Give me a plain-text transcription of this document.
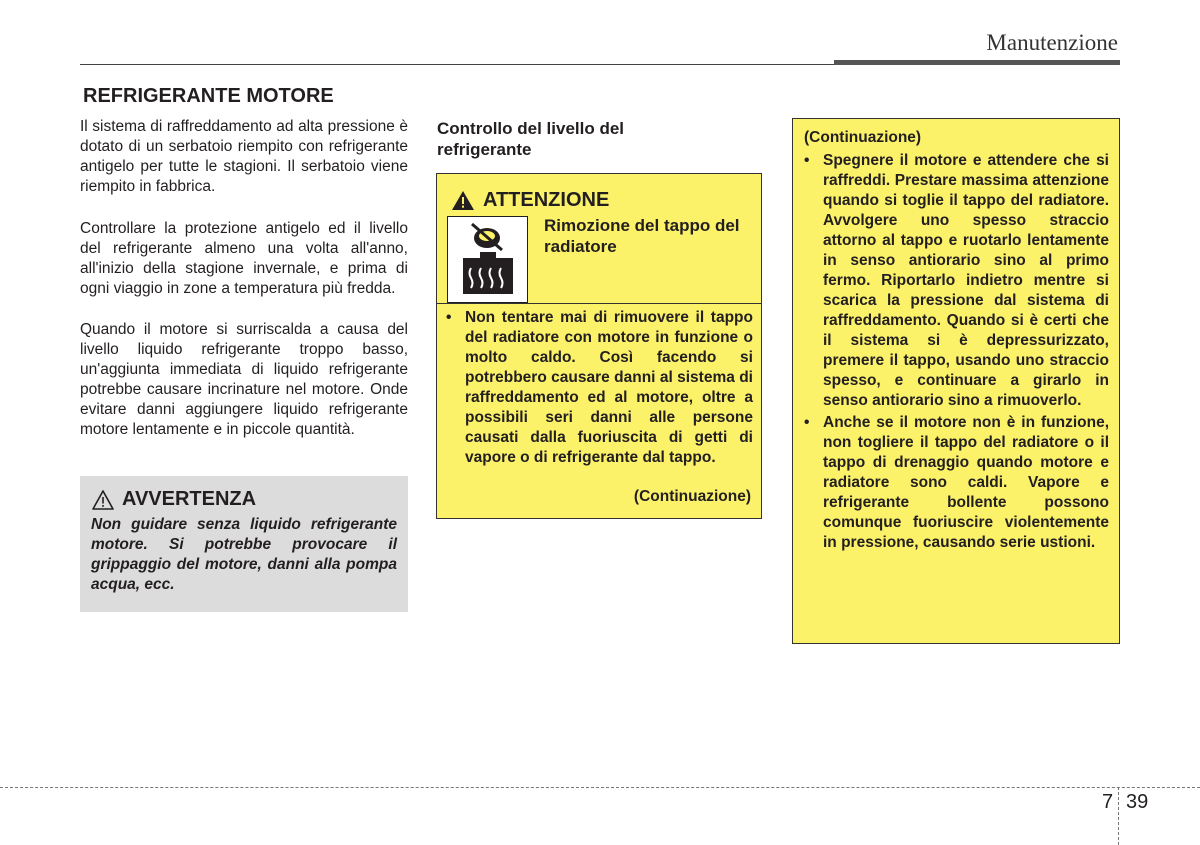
Manutenzione
REFRIGERANTE MOTORE

Il sistema di raffreddamento ad alta pressione è dotato di un serbatoio riempito con refrigerante antigelo per tutte le stagioni. Il serbatoio viene riempito in fabbrica.

Controllare la protezione antigelo ed il livello del refrigerante almeno una volta all'anno, all'inizio della stagione invernale, e prima di ogni viaggio in zone a temperatura più fredda.

Quando il motore si surriscalda a causa del livello liquido refrigerante troppo basso, un'aggiunta immediata di liquido refrigerante potrebbe causare incrinature nel motore. Onde evitare danni aggiungere liquido refrigerante motore lentamente e in piccole quantità.

AVVERTENZA
Non guidare senza liquido refrigerante motore. Si potrebbe provocare il grippaggio del motore, danni alla pompa acqua, ecc.
Controllo del livello del refrigerante
ATTENZIONE
Rimozione del tappo del radiatore
• Non tentare mai di rimuovere il tappo del radiatore con motore in funzione o molto caldo. Così facendo si potrebbero causare danni al sistema di raffreddamento ed al motore, oltre a possibili seri danni alle persone causati dalla fuoriuscita di getti di vapore o di refrigerante dal tappo.
(Continuazione)
(Continuazione)
• Spegnere il motore e attendere che si raffreddi. Prestare massima attenzione quando si toglie il tappo del radiatore. Avvolgere uno spesso straccio attorno al tappo e ruotarlo lentamente in senso antiorario sino al primo fermo. Riportarlo indietro mentre si scarica la pressione dal sistema di raffreddamento. Quando si è certi che il sistema si è depressurizzato, premere il tappo, usando uno straccio spesso, e continuare a girarlo in senso antiorario sino a rimuoverlo.
• Anche se il motore non è in funzione, non togliere il tappo del radiatore o il tappo di drenaggio quando motore e radiatore sono caldi. Vapore e refrigerante bollente possono comunque fuoriuscire violentemente in pressione, causando serie ustioni.
7 39
